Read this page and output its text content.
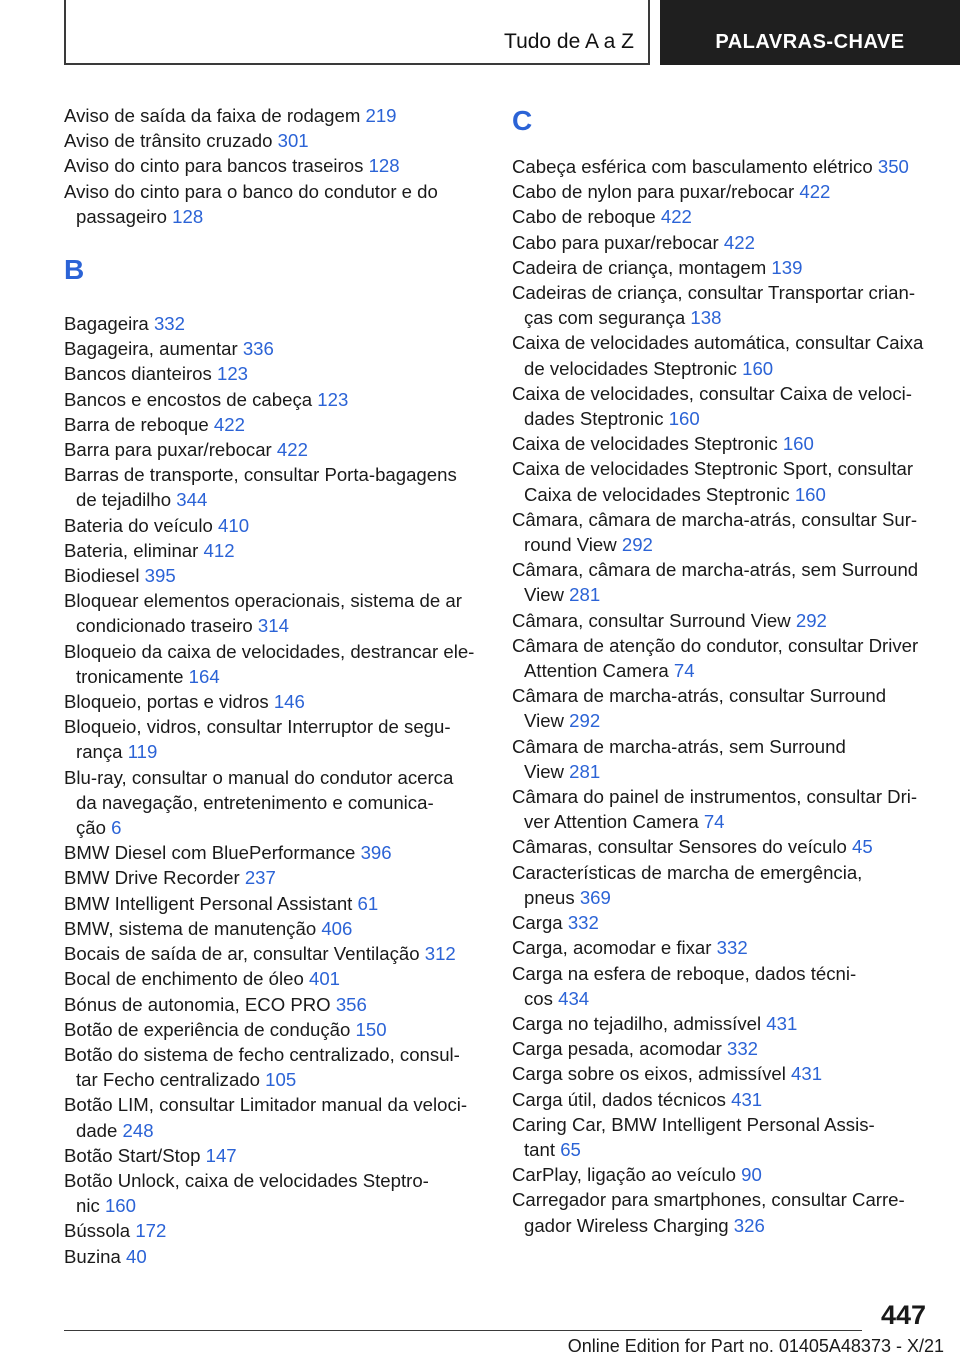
Tudo de A a Z	PALAVRAS-CHAVE
Aviso de saída da faixa de rodagem 219
Aviso de trânsito cruzado 301
Aviso do cinto para bancos traseiros 128
Aviso do cinto para o banco do condutor e do
passageiro 128
B
Bagageira 332
Bagageira, aumentar 336
Bancos dianteiros 123
Bancos e encostos de cabeça 123
Barra de reboque 422
Barra para puxar/rebocar 422
Barras de transporte, consultar Porta-bagagens
de tejadilho 344
Bateria do veículo 410
Bateria, eliminar 412
Biodiesel 395
Bloquear elementos operacionais, sistema de ar
condicionado traseiro 314
Bloqueio da caixa de velocidades, destrancar ele-
tronicamente 164
Bloqueio, portas e vidros 146
Bloqueio, vidros, consultar Interruptor de segu-
rança 119
Blu-ray, consultar o manual do condutor acerca
da navegação, entretenimento e comunica-
ção 6
BMW Diesel com BluePerformance 396
BMW Drive Recorder 237
BMW Intelligent Personal Assistant 61
BMW, sistema de manutenção 406
Bocais de saída de ar, consultar Ventilação 312
Bocal de enchimento de óleo 401
Bónus de autonomia, ECO PRO 356
Botão de experiência de condução 150
Botão do sistema de fecho centralizado, consul-
tar Fecho centralizado 105
Botão LIM, consultar Limitador manual da veloci-
dade 248
Botão Start/Stop 147
Botão Unlock, caixa de velocidades Steptro-
nic 160
Bússola 172
Buzina 40
C
Cabeça esférica com basculamento elétrico 350
Cabo de nylon para puxar/rebocar 422
Cabo de reboque 422
Cabo para puxar/rebocar 422
Cadeira de criança, montagem 139
Cadeiras de criança, consultar Transportar crian-
ças com segurança 138
Caixa de velocidades automática, consultar Caixa
de velocidades Steptronic 160
Caixa de velocidades, consultar Caixa de veloci-
dades Steptronic 160
Caixa de velocidades Steptronic 160
Caixa de velocidades Steptronic Sport, consultar
Caixa de velocidades Steptronic 160
Câmara, câmara de marcha-atrás, consultar Sur-
round View 292
Câmara, câmara de marcha-atrás, sem Surround
View 281
Câmara, consultar Surround View 292
Câmara de atenção do condutor, consultar Driver
Attention Camera 74
Câmara de marcha-atrás, consultar Surround
View 292
Câmara de marcha-atrás, sem Surround
View 281
Câmara do painel de instrumentos, consultar Dri-
ver Attention Camera 74
Câmaras, consultar Sensores do veículo 45
Características de marcha de emergência,
pneus 369
Carga 332
Carga, acomodar e fixar 332
Carga na esfera de reboque, dados técni-
cos 434
Carga no tejadilho, admissível 431
Carga pesada, acomodar 332
Carga sobre os eixos, admissível 431
Carga útil, dados técnicos 431
Caring Car, BMW Intelligent Personal Assis-
tant 65
CarPlay, ligação ao veículo 90
Carregador para smartphones, consultar Carre-
gador Wireless Charging 326
447
Online Edition for Part no. 01405A48373 - X/21
